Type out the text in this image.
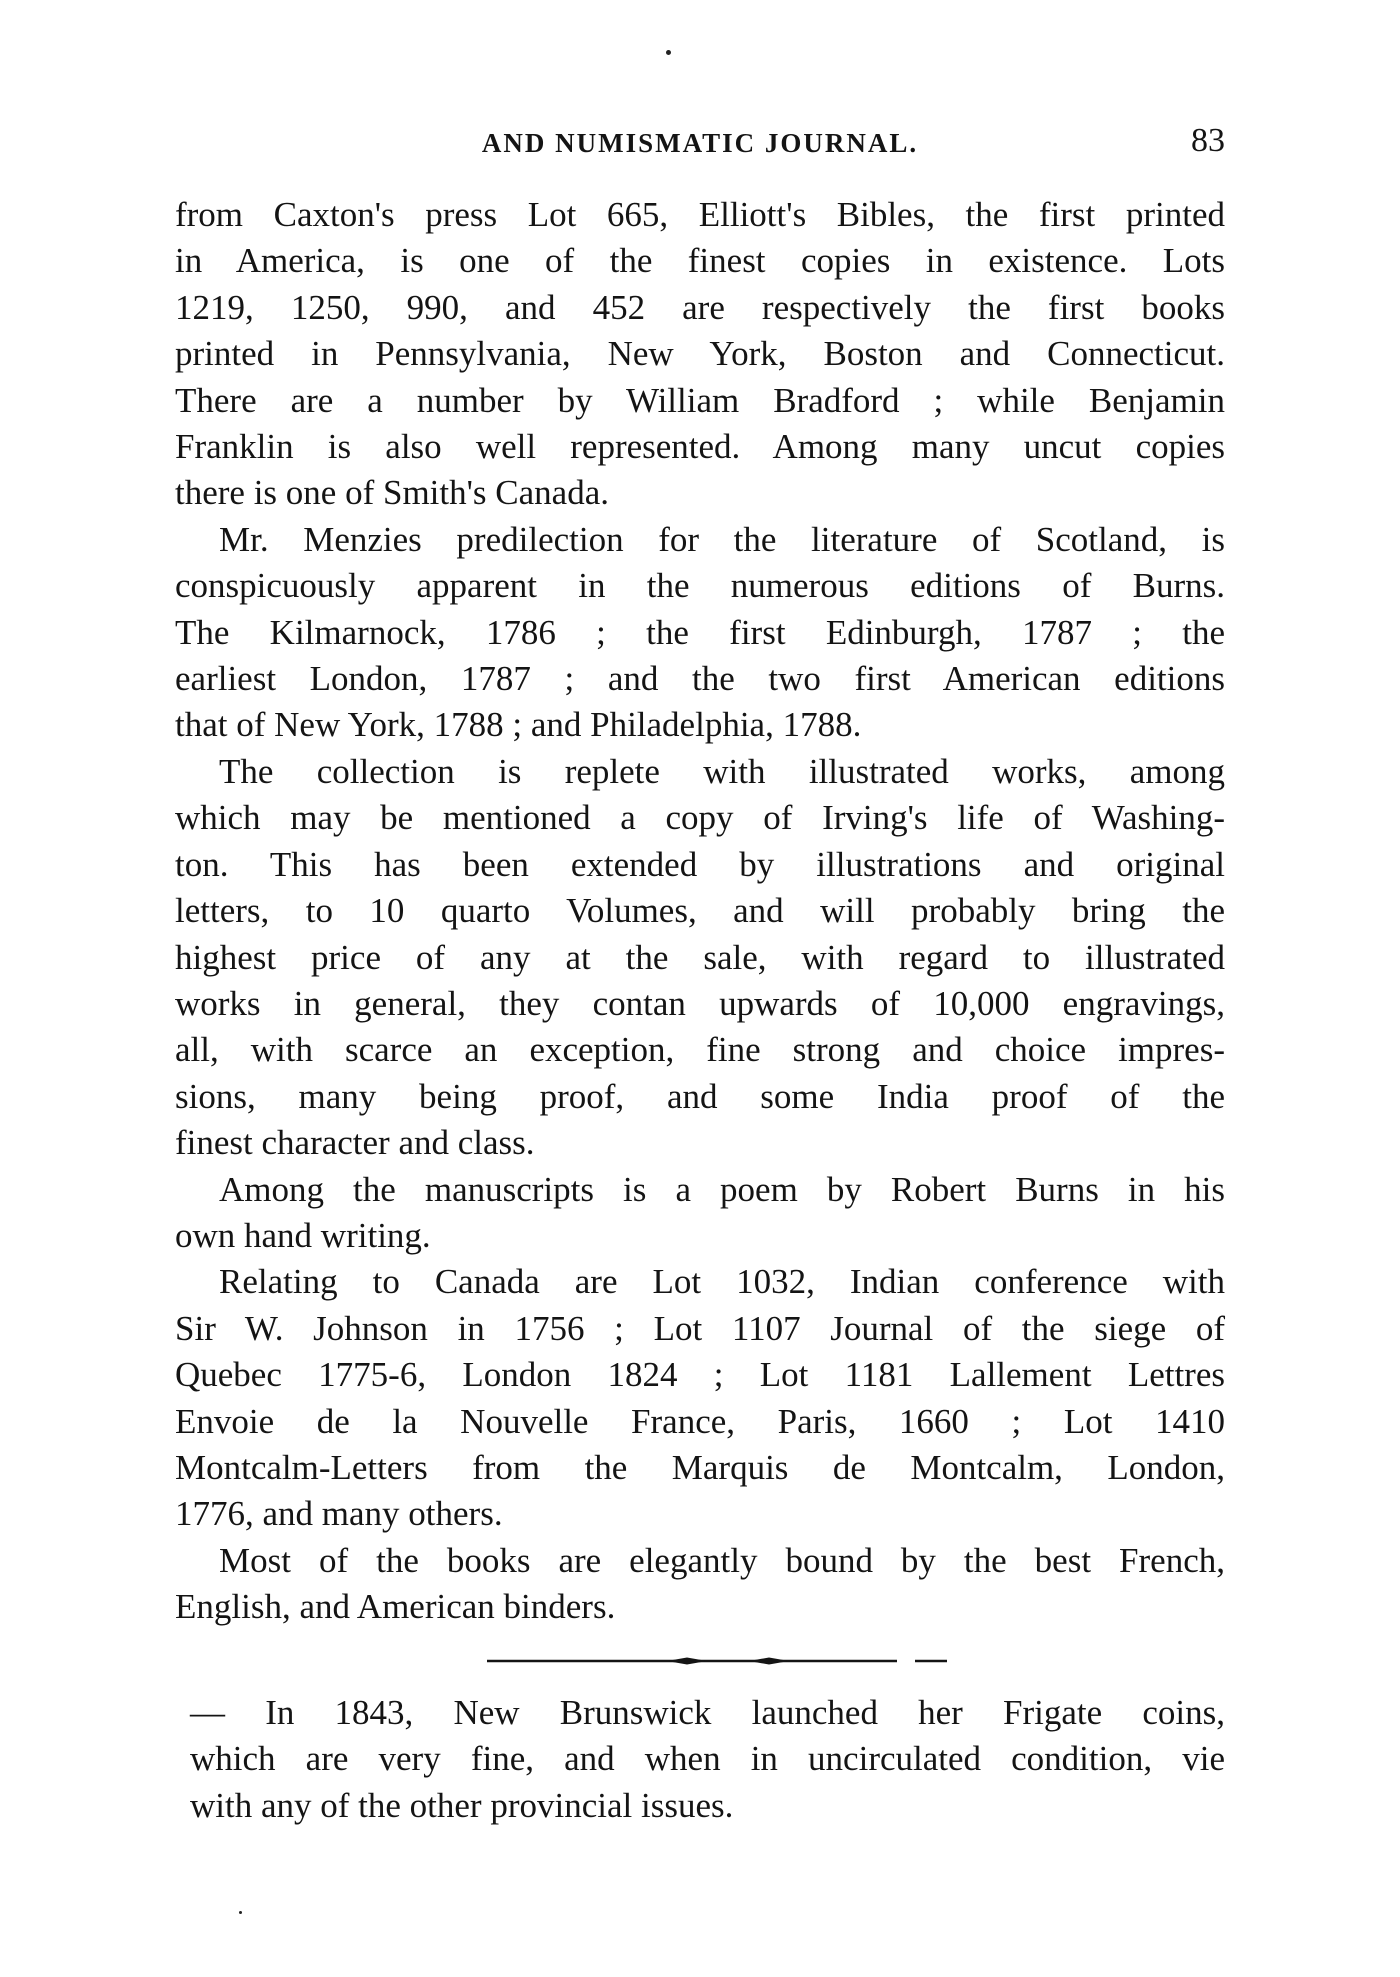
AND NUMISMATIC JOURNAL.	83

from Caxton's press Lot 665, Elliott's Bibles, the first printed
in America, is one of the finest copies in existence. Lots
1219, 1250, 990, and 452 are respectively the first books
printed in Pennsylvania, New York, Boston and Connecticut.
There are a number by William Bradford ; while Benjamin
Franklin is also well represented. Among many uncut copies
there is one of Smith's Canada.

Mr. Menzies predilection for the literature of Scotland, is
conspicuously apparent in the numerous editions of Burns.
The Kilmarnock, 1786 ; the first Edinburgh, 1787 ; the
earliest London, 1787 ; and the two first American editions
that of New York, 1788 ; and Philadelphia, 1788.

The collection is replete with illustrated works, among
which may be mentioned a copy of Irving's life of Washing-
ton. This has been extended by illustrations and original
letters, to 10 quarto Volumes, and will probably bring the
highest price of any at the sale, with regard to illustrated
works in general, they contan upwards of 10,000 engravings,
all, with scarce an exception, fine strong and choice impres-
sions, many being proof, and some India proof of the
finest character and class.

Among the manuscripts is a poem by Robert Burns in his
own hand writing.

Relating to Canada are Lot 1032, Indian conference with
Sir W. Johnson in 1756 ; Lot 1107 Journal of the siege of
Quebec 1775-6, London 1824 ; Lot 1181 Lallement Lettres
Envoie de la Nouvelle France, Paris, 1660 ; Lot 1410
Montcalm-Letters from the Marquis de Montcalm, London,
1776, and many others.

Most of the books are elegantly bound by the best French,
English, and American binders.

— In 1843, New Brunswick launched her Frigate coins,
which are very fine, and when in uncirculated condition, vie
with any of the other provincial issues.
